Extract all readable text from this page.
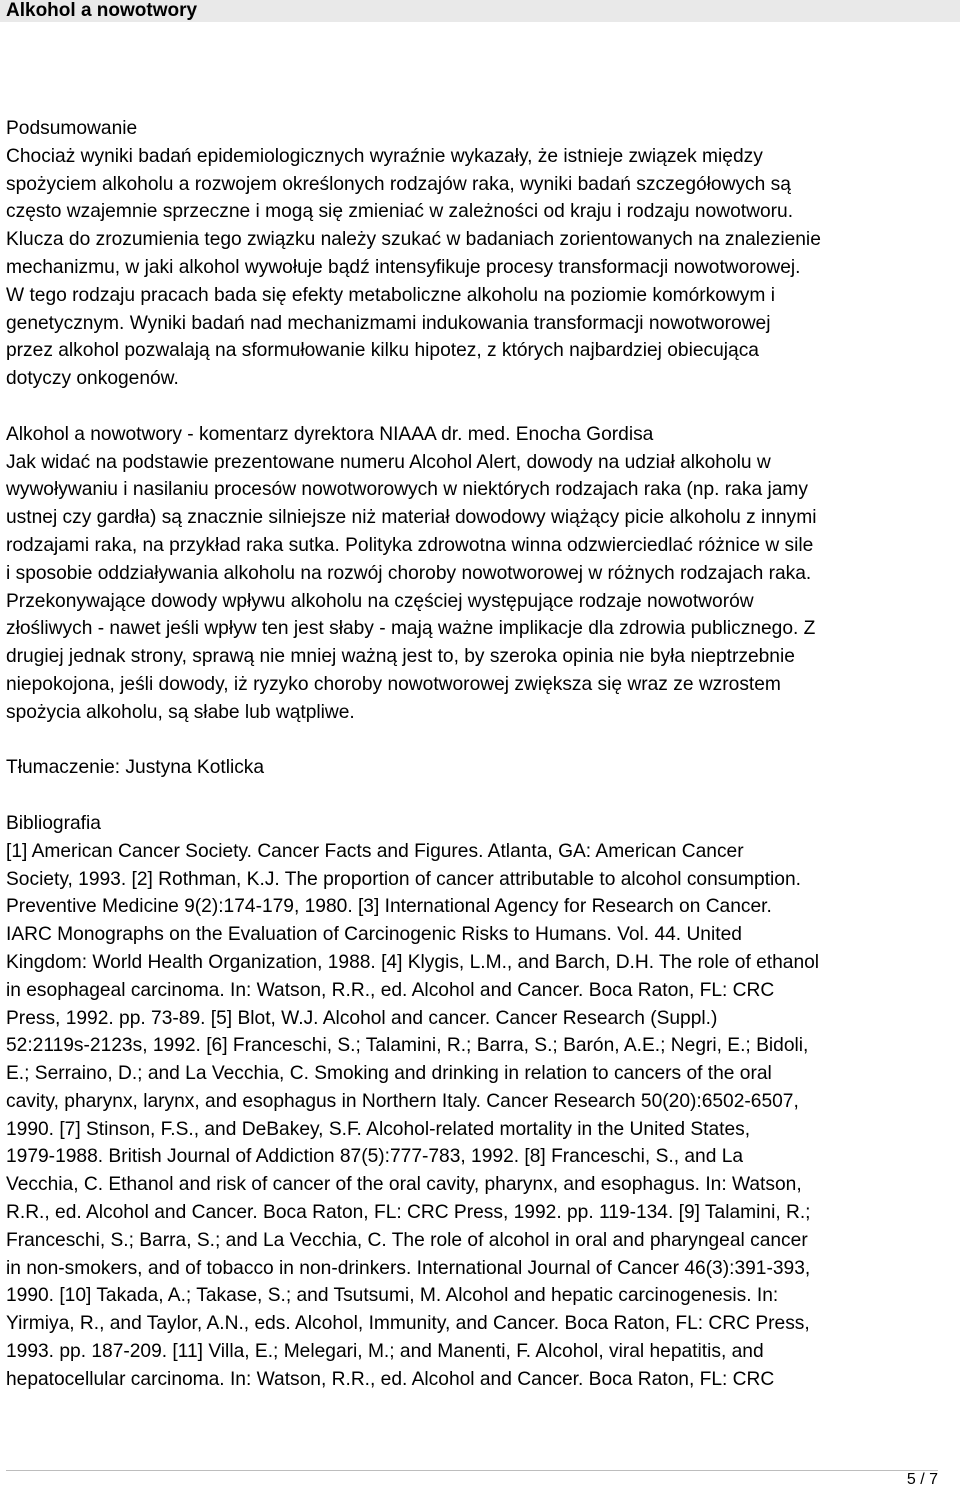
Alkohol a nowotwory
Podsumowanie
Chociaż wyniki badań epidemiologicznych wyraźnie wykazały, że istnieje związek między
spożyciem alkoholu a rozwojem określonych rodzajów raka, wyniki badań szczegółowych są
często wzajemnie sprzeczne i mogą się zmieniać w zależności od kraju i rodzaju nowotworu.
Klucza do zrozumienia tego związku należy szukać w badaniach zorientowanych na znalezienie
mechanizmu, w jaki alkohol wywołuje bądź intensyfikuje procesy transformacji nowotworowej.
W tego rodzaju pracach bada się efekty metaboliczne alkoholu na poziomie komórkowym i
genetycznym. Wyniki badań nad mechanizmami indukowania transformacji nowotworowej
przez alkohol pozwalają na sformułowanie kilku hipotez, z których najbardziej obiecująca
dotyczy onkogenów.
Alkohol a nowotwory - komentarz dyrektora NIAAA dr. med. Enocha Gordisa
Jak widać na podstawie prezentowane numeru Alcohol Alert, dowody na udział alkoholu w
wywoływaniu i nasilaniu procesów nowotworowych w niektórych rodzajach raka (np. raka jamy
ustnej czy gardła) są znacznie silniejsze niż materiał dowodowy wiążący picie alkoholu z innymi
rodzajami raka, na przykład raka sutka. Polityka zdrowotna winna odzwierciedlać różnice w sile
i sposobie oddziaływania alkoholu na rozwój choroby nowotworowej w różnych rodzajach raka.
Przekonywające dowody wpływu alkoholu na częściej występujące rodzaje nowotworów
złośliwych - nawet jeśli wpływ ten jest słaby - mają ważne implikacje dla zdrowia publicznego. Z
drugiej jednak strony, sprawą nie mniej ważną jest to, by szeroka opinia nie była nieptrzebnie
niepokojona, jeśli dowody, iż ryzyko choroby nowotworowej zwiększa się wraz ze wzrostem
spożycia alkoholu, są słabe lub wątpliwe.
Tłumaczenie: Justyna Kotlicka
Bibliografia
[1] American Cancer Society. Cancer Facts and Figures. Atlanta, GA: American Cancer
Society, 1993. [2] Rothman, K.J. The proportion of cancer attributable to alcohol consumption.
Preventive Medicine 9(2):174-179, 1980. [3] International Agency for Research on Cancer.
IARC Monographs on the Evaluation of Carcinogenic Risks to Humans. Vol. 44. United
Kingdom: World Health Organization, 1988. [4] Klygis, L.M., and Barch, D.H. The role of ethanol
in esophageal carcinoma. In: Watson, R.R., ed. Alcohol and Cancer. Boca Raton, FL: CRC
Press, 1992. pp. 73-89. [5] Blot, W.J. Alcohol and cancer. Cancer Research (Suppl.)
52:2119s-2123s, 1992. [6] Franceschi, S.; Talamini, R.; Barra, S.; Barón, A.E.; Negri, E.; Bidoli,
E.; Serraino, D.; and La Vecchia, C. Smoking and drinking in relation to cancers of the oral
cavity, pharynx, larynx, and esophagus in Northern Italy. Cancer Research 50(20):6502-6507,
1990. [7] Stinson, F.S., and DeBakey, S.F. Alcohol-related mortality in the United States,
1979-1988. British Journal of Addiction 87(5):777-783, 1992. [8] Franceschi, S., and La
Vecchia, C. Ethanol and risk of cancer of the oral cavity, pharynx, and esophagus. In: Watson,
R.R., ed. Alcohol and Cancer. Boca Raton, FL: CRC Press, 1992. pp. 119-134. [9] Talamini, R.;
Franceschi, S.; Barra, S.; and La Vecchia, C. The role of alcohol in oral and pharyngeal cancer
in non-smokers, and of tobacco in non-drinkers. International Journal of Cancer 46(3):391-393,
1990. [10] Takada, A.; Takase, S.; and Tsutsumi, M. Alcohol and hepatic carcinogenesis. In:
Yirmiya, R., and Taylor, A.N., eds. Alcohol, Immunity, and Cancer. Boca Raton, FL: CRC Press,
1993. pp. 187-209. [11] Villa, E.; Melegari, M.; and Manenti, F. Alcohol, viral hepatitis, and
hepatocellular carcinoma. In: Watson, R.R., ed. Alcohol and Cancer. Boca Raton, FL: CRC
5 / 7
